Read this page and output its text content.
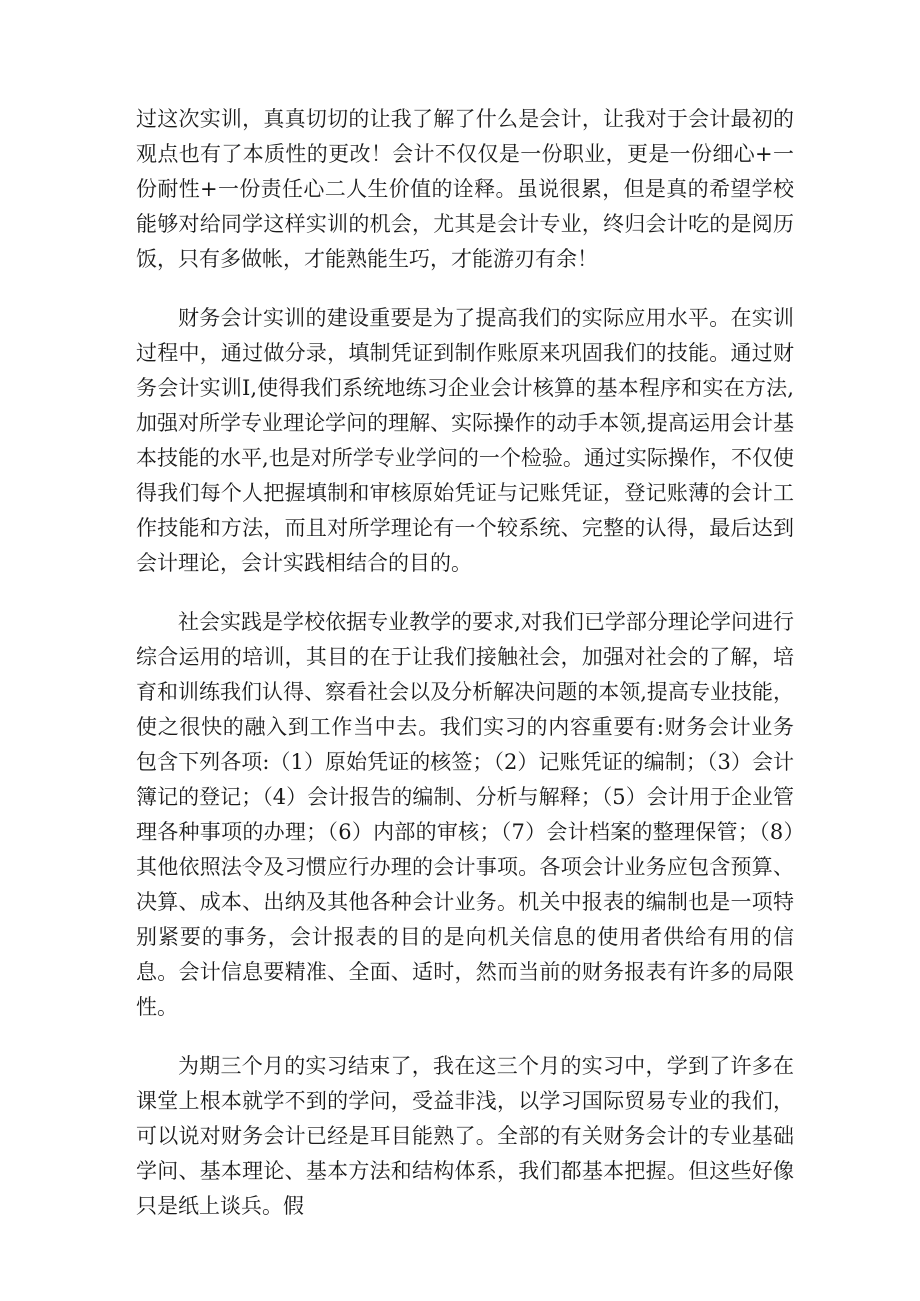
过这次实训，真真切切的让我了解了什么是会计，让我对于会计最初的观点也有了本质性的更改！会计不仅仅是一份职业，更是一份细心+一份耐性+一份责任心二人生价值的诠释。虽说很累，但是真的希望学校能够对给同学这样实训的机会，尤其是会计专业，终归会计吃的是阅历饭，只有多做帐，才能熟能生巧，才能游刃有余！

财务会计实训的建设重要是为了提高我们的实际应用水平。在实训过程中，通过做分录，填制凭证到制作账原来巩固我们的技能。通过财务会计实训I,使得我们系统地练习企业会计核算的基本程序和实在方法,加强对所学专业理论学问的理解、实际操作的动手本领,提高运用会计基本技能的水平,也是对所学专业学问的一个检验。通过实际操作，不仅使得我们每个人把握填制和审核原始凭证与记账凭证，登记账薄的会计工作技能和方法，而且对所学理论有一个较系统、完整的认得，最后达到会计理论，会计实践相结合的目的。

社会实践是学校依据专业教学的要求,对我们已学部分理论学问进行综合运用的培训，其目的在于让我们接触社会，加强对社会的了解，培育和训练我们认得、察看社会以及分析解决问题的本领,提高专业技能，使之很快的融入到工作当中去。我们实习的内容重要有:财务会计业务包含下列各项:（1）原始凭证的核签；（2）记账凭证的编制；（3）会计簿记的登记；（4）会计报告的编制、分析与解释；（5）会计用于企业管理各种事项的办理；（6）内部的审核；（7）会计档案的整理保管；（8）其他依照法令及习惯应行办理的会计事项。各项会计业务应包含预算、决算、成本、出纳及其他各种会计业务。机关中报表的编制也是一项特别紧要的事务，会计报表的目的是向机关信息的使用者供给有用的信息。会计信息要精准、全面、适时，然而当前的财务报表有许多的局限性。

为期三个月的实习结束了，我在这三个月的实习中，学到了许多在课堂上根本就学不到的学问，受益非浅，以学习国际贸易专业的我们，可以说对财务会计已经是耳目能熟了。全部的有关财务会计的专业基础学问、基本理论、基本方法和结构体系，我们都基本把握。但这些好像只是纸上谈兵。假
